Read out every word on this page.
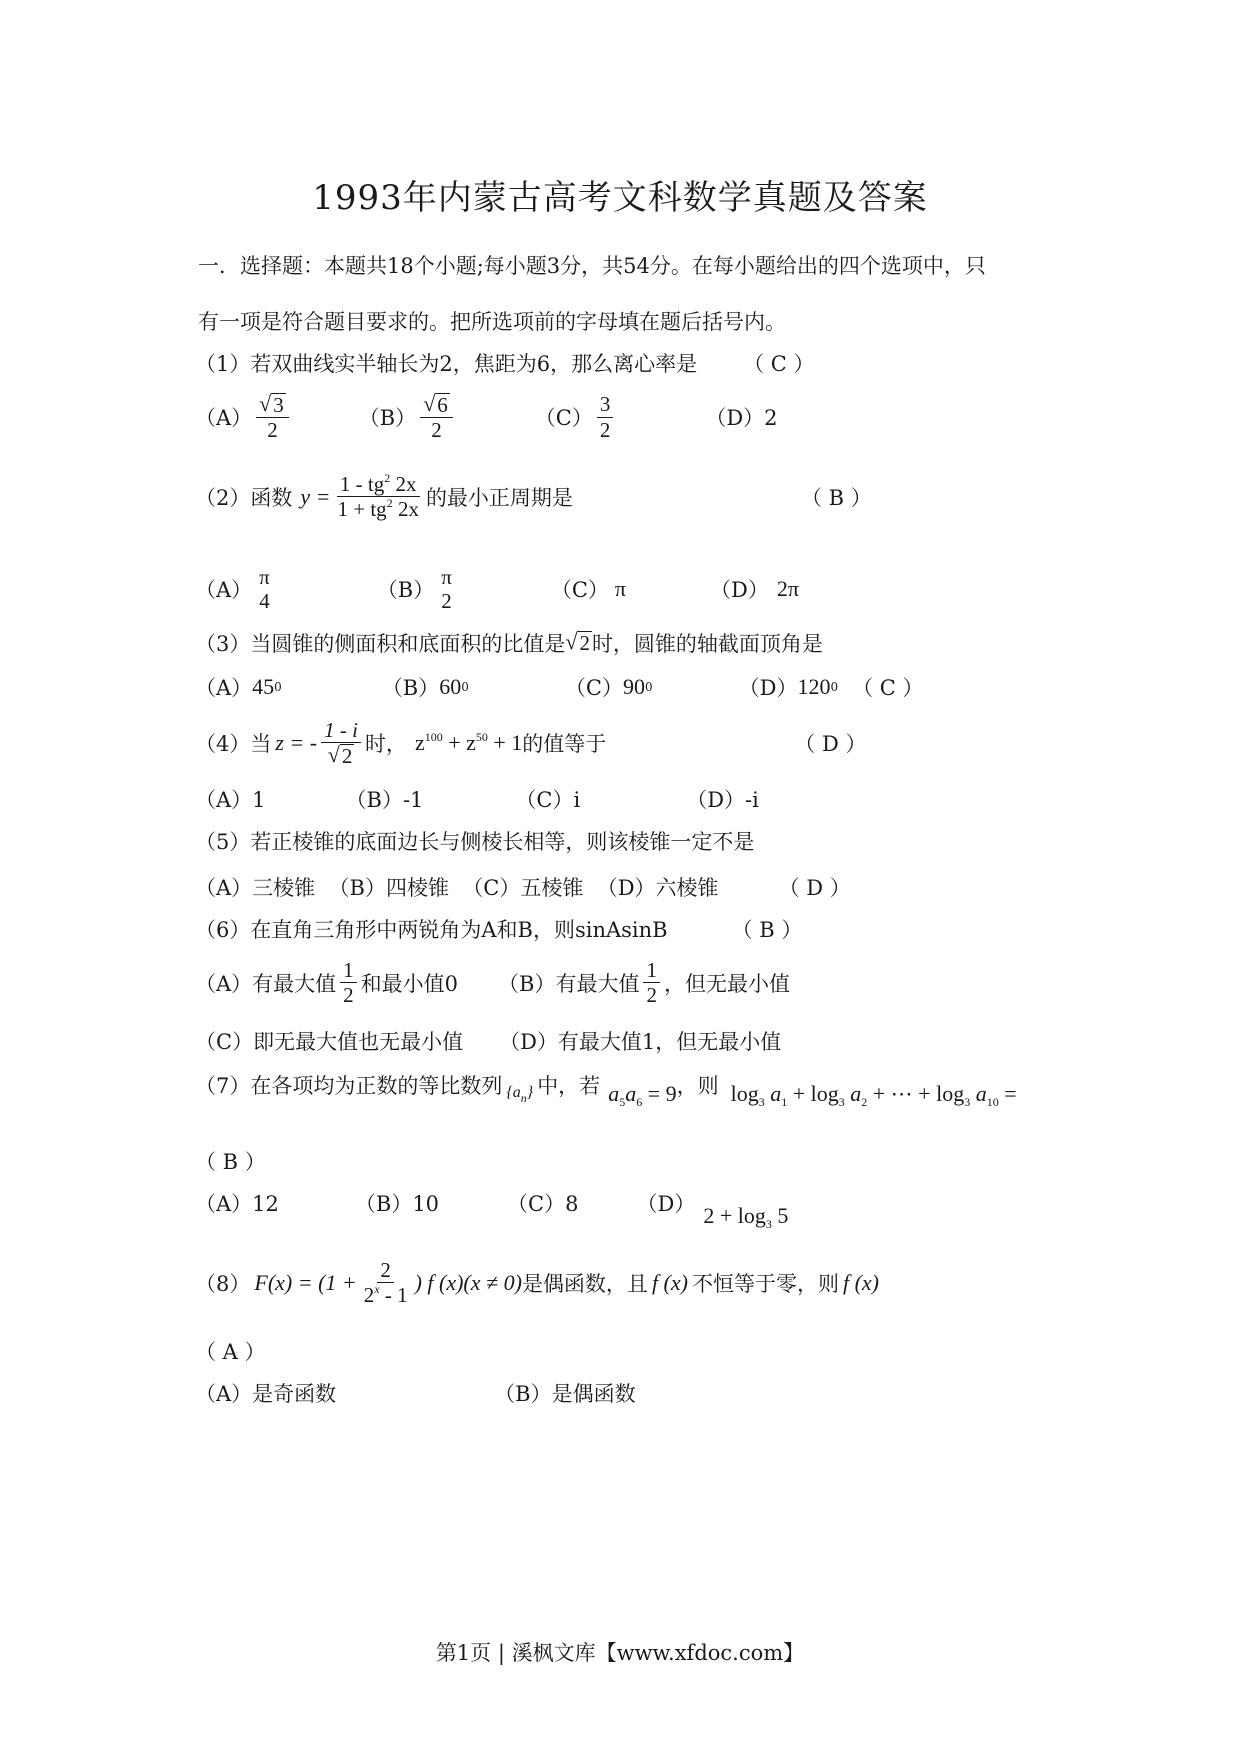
1993年内蒙古高考文科数学真题及答案
一．选择题：本题共18个小题;每小题3分，共54分。在每小题给出的四个选项中，只
有一项是符合题目要求的。把所选项前的字母填在题后括号内。
（1）若双曲线实半轴长为2，焦距为6，那么离心率是 （ C ）
$(A) \frac{√ 3}{2}$	$(B) \frac{√ 6}{2}$	$(C) \frac{3}{2}$	（D）2
（2）函数 $y = \frac{1 - tg^2 2x}{1 + tg^2 2x}$ 的最小正周期是	（ B ）
（A）
π
4	（B）
π
2	（C） π	（D） 2π
（3）当圆锥的侧面积和底面积的比值是 √ 2 时，圆锥的轴截面顶角是
（A） 45 0	（B） 60 0	（C） 90 0	（D） 120 0 （ C ）
（4）当 z = - $\frac{1 - i}{√ 2}$ 时， $z^{100} + z^{50} + 1$ 的值等于	（ D ）
（A）1	（B）-1	（C）i	（D）-i
（5）若正棱锥的底面边长与侧棱长相等，则该棱锥一定不是
（A）三棱锥  （B）四棱锥  （C）五棱锥  （D）六棱锥	（ D ）
（6）在直角三角形中两锐角为A和B，则sinAsinB	（ B ）
（A）有最大值 $\frac{1}{2}$ 和最小值0 （B）有最大值 $\frac{1}{2}$ ，但无最小值
（C）即无最大值也无最小值 （D）有最大值1，但无最小值
（7）在各项均为正数的等比数列 $\{a_n\}$ 中，若 $a_5a_6 = 9$ ，则 $\log_3 a_1 + \log_3 a_2$ + ⋯ + $\log_3 a_{10}$ =
（ B ）
（A）12	（B）10	（C）8	（D） $2 + \log_3 5$
（8） $F(x) = (1 + \frac{2}{2^x - 1}$ ) f (x)(x ≠ 0) 是偶函数，且 f (x) 不恒等于零，则 f (x)
（ A ）
（A）是奇函数	（B）是偶函数
第1页 | 溪枫文库【www.xfdoc.com】
